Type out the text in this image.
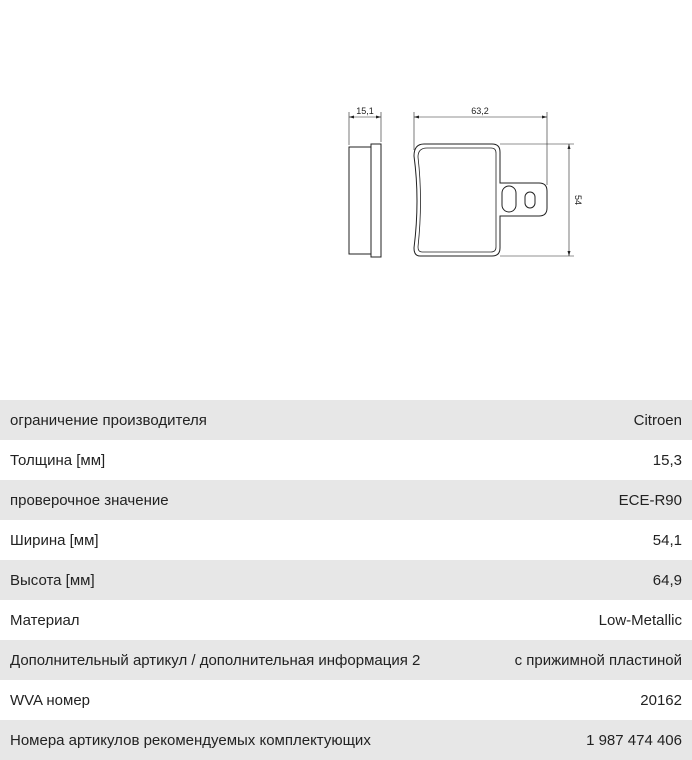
15,1	63,2
54
ограничение производителя	Citroen
Толщина [мм]	15,3
проверочное значение	ECE-R90
Ширина [мм]	54,1
Высота [мм]	64,9
Материал	Low-Metallic
Дополнительный артикул / дополнительная информация 2	с прижимной пластиной
WVA номер	20162
Номера артикулов рекомендуемых комплектующих	1 987 474 406
